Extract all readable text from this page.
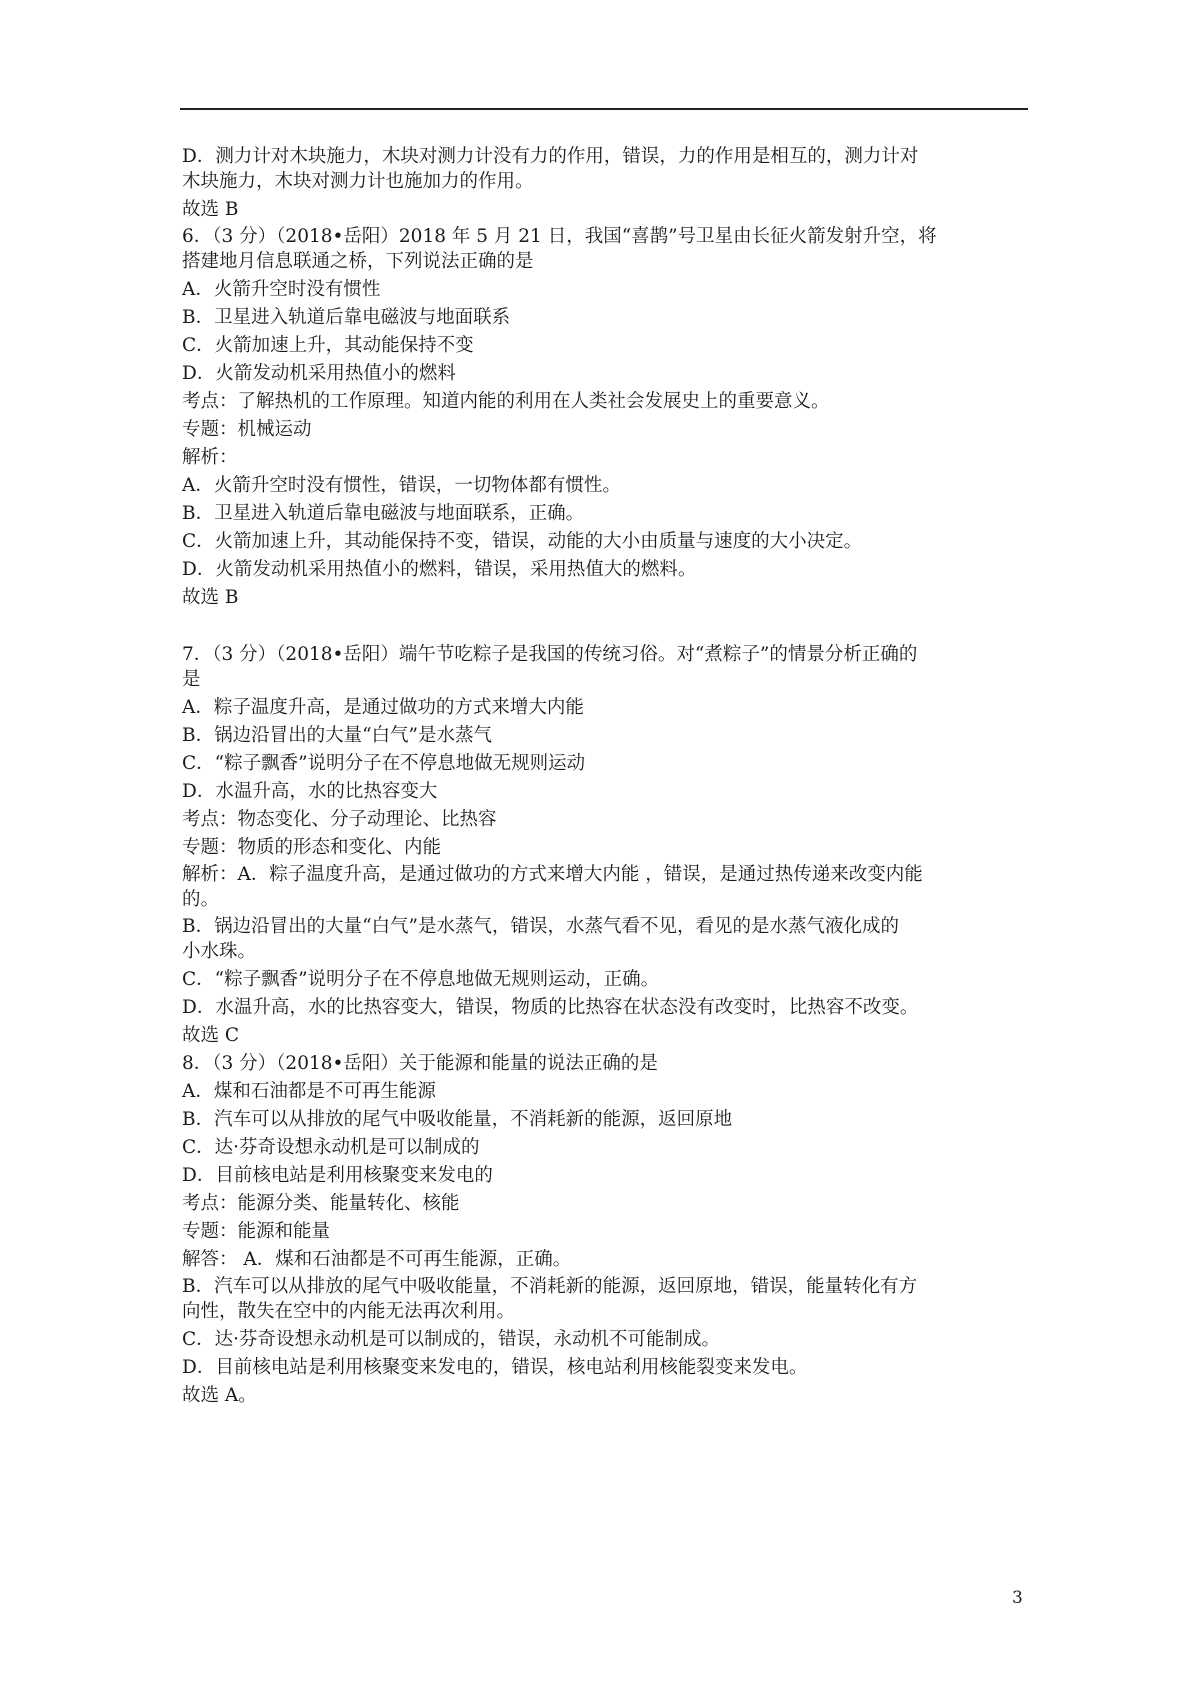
D．测力计对木块施力，木块对测力计没有力的作用，错误，力的作用是相互的，测力计对
木块施力，木块对测力计也施加力的作用。
故选 B
6．（3 分）（2018•岳阳）2018 年 5 月 21 日，我国“喜鹊”号卫星由长征火箭发射升空，将
搭建地月信息联通之桥，下列说法正确的是
A．火箭升空时没有惯性
B．卫星进入轨道后靠电磁波与地面联系
C．火箭加速上升，其动能保持不变
D．火箭发动机采用热值小的燃料
考点：了解热机的工作原理。知道内能的利用在人类社会发展史上的重要意义。
专题：机械运动
解析：
A．火箭升空时没有惯性，错误，一切物体都有惯性。
B．卫星进入轨道后靠电磁波与地面联系，正确。
C．火箭加速上升，其动能保持不变，错误，动能的大小由质量与速度的大小决定。
D．火箭发动机采用热值小的燃料，错误，采用热值大的燃料。
故选 B
7．（3 分）（2018•岳阳）端午节吃粽子是我国的传统习俗。对“煮粽子”的情景分析正确的
是
A．粽子温度升高，是通过做功的方式来增大内能
B．锅边沿冒出的大量“白气”是水蒸气
C．“粽子飘香”说明分子在不停息地做无规则运动
D．水温升高，水的比热容变大
考点：物态变化、分子动理论、比热容
专题：物质的形态和变化、内能
解析：A．粽子温度升高，是通过做功的方式来增大内能 ，错误，是通过热传递来改变内能
的。
B．锅边沿冒出的大量“白气”是水蒸气，错误，水蒸气看不见，看见的是水蒸气液化成的
小水珠。
C．“粽子飘香”说明分子在不停息地做无规则运动，正确。
D．水温升高，水的比热容变大，错误，物质的比热容在状态没有改变时，比热容不改变。
故选 C
8．（3 分）（2018•岳阳）关于能源和能量的说法正确的是
A．煤和石油都是不可再生能源
B．汽车可以从排放的尾气中吸收能量，不消耗新的能源，返回原地
C．达·芬奇设想永动机是可以制成的
D．目前核电站是利用核聚变来发电的
考点：能源分类、能量转化、核能
专题：能源和能量
解答： A．煤和石油都是不可再生能源，正确。
B．汽车可以从排放的尾气中吸收能量，不消耗新的能源，返回原地，错误，能量转化有方
向性，散失在空中的内能无法再次利用。
C．达·芬奇设想永动机是可以制成的，错误，永动机不可能制成。
D．目前核电站是利用核聚变来发电的，错误，核电站利用核能裂变来发电。
故选 A。
3
